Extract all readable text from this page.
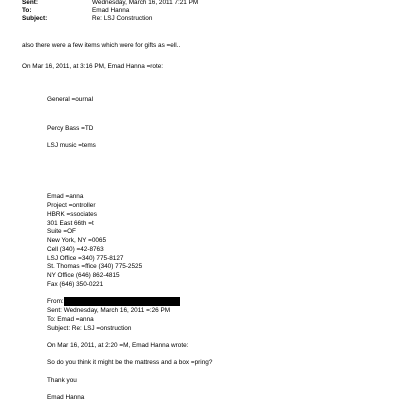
Sent:	Wednesday, March 16, 2011 7:21 PM
To:	Emad Hanna
Subject:	Re: LSJ Construction
also there were a few items which were for gifts as =ell..
On Mar 16, 2011, at 3:16 PM, Emad Hanna =rote:
General =ournal
Percy Bass =TD
LSJ music =tems
Emad =anna
Project =ontroller
HBRK =ssociates
301 East 66th =t
Suite =OF
New York, NY =0065
Cell (340) =42-8763
LSJ Office =340) 775-8127
St. Thomas =ffice (340) 775-2525
NY Office (646) 862-4815
Fax (646) 350-0221
From:
Sent: Wednesday, March 16, 2011 =:26 PM
To: Emad =anna
Subject: Re: LSJ =onstruction
On Mar 16, 2011, at 2:20 =M, Emad Hanna wrote:
So do you think it might be the mattress and a box =pring?
Thank you
Emad Hanna
